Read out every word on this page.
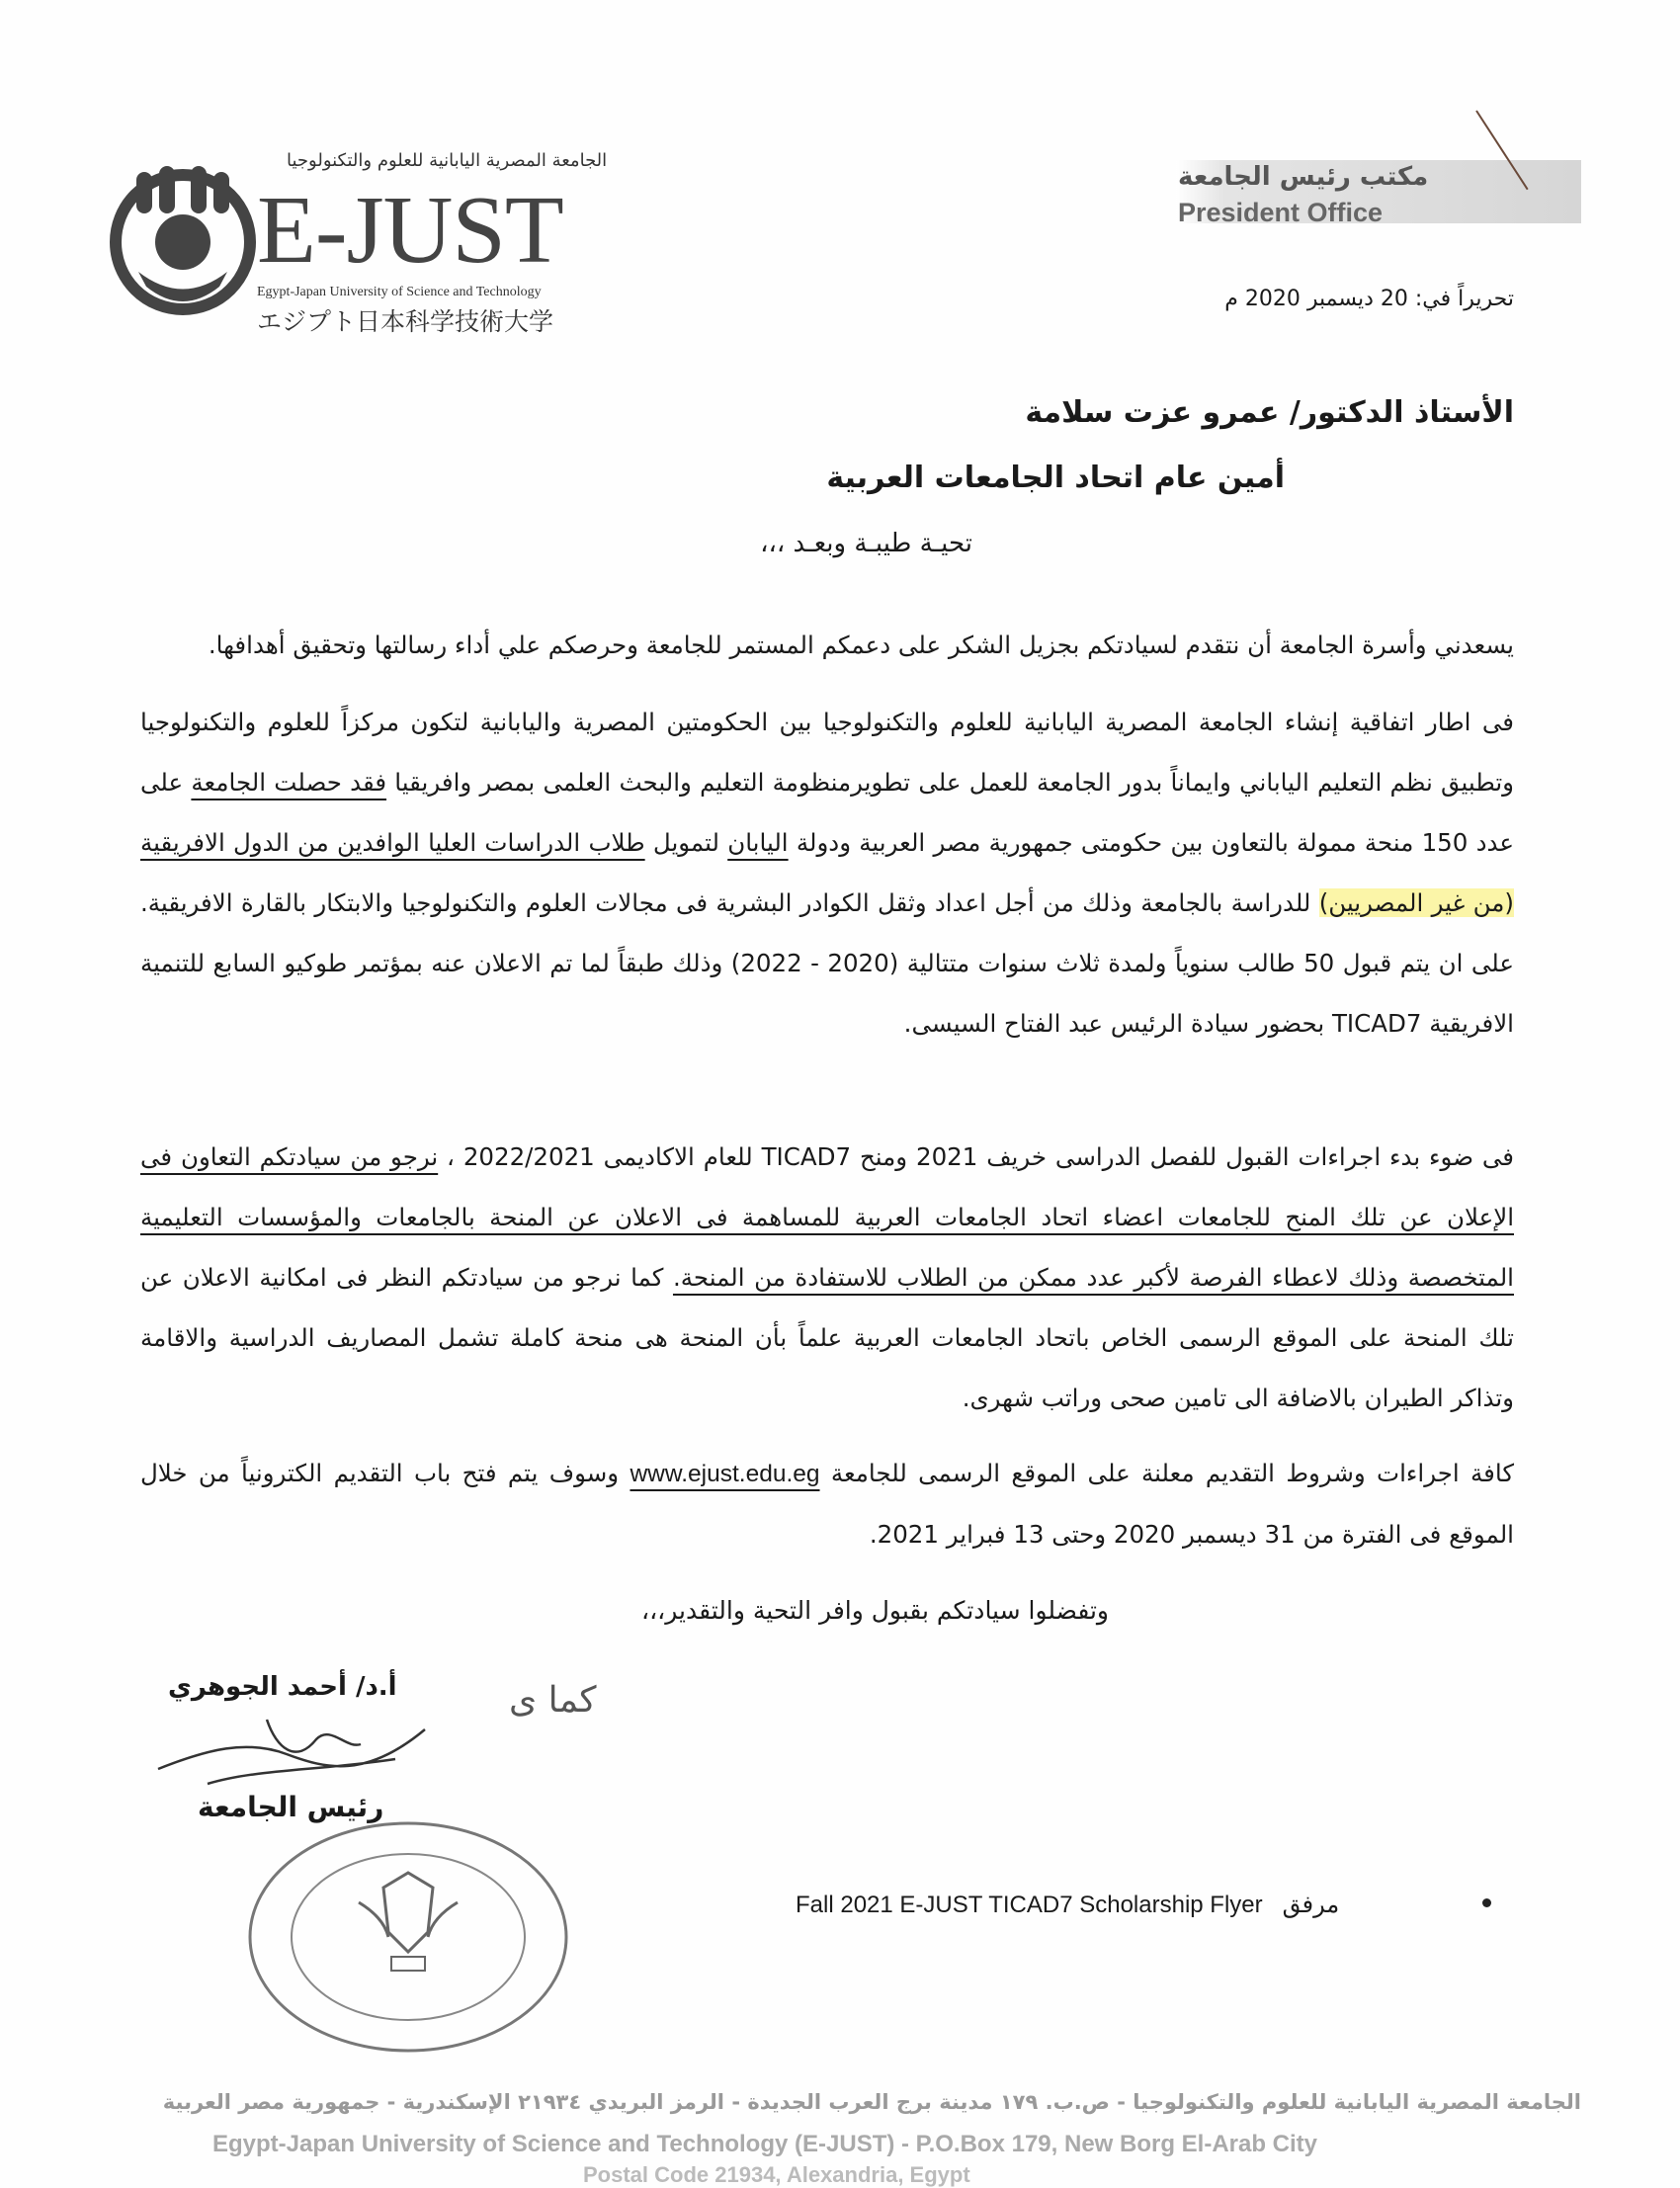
الجامعة المصرية اليابانية للعلوم والتكنولوجيا
E-JUST
Egypt-Japan University of Science and Technology
エジプト日本科学技術大学
مكتب رئيس الجامعة
President Office
تحريراً في: 20 ديسمبر 2020 م
الأستاذ الدكتور/ عمرو عزت سلامة
أمين عام اتحاد الجامعات العربية
تحيـة طيبـة وبعـد ،،،
يسعدني وأسرة الجامعة أن نتقدم لسيادتكم بجزيل الشكر على دعمكم المستمر للجامعة وحرصكم علي أداء رسالتها وتحقيق أهدافها.
فى اطار اتفاقية إنشاء الجامعة المصرية اليابانية للعلوم والتكنولوجيا بين الحكومتين المصرية واليابانية لتكون مركزاً للعلوم والتكنولوجيا وتطبيق نظم التعليم الياباني وايماناً بدور الجامعة للعمل على تطويرمنظومة التعليم والبحث العلمى بمصر وافريقيا فقد حصلت الجامعة على عدد 150 منحة ممولة بالتعاون بين حكومتى جمهورية مصر العربية ودولة اليابان لتمويل طلاب الدراسات العليا الوافدين من الدول الافريقية (من غير المصريين) للدراسة بالجامعة وذلك من أجل اعداد وثقل الكوادر البشرية فى مجالات العلوم والتكنولوجيا والابتكار بالقارة الافريقية. على ان يتم قبول 50 طالب سنوياً ولمدة ثلاث سنوات متتالية (2020 - 2022) وذلك طبقاً لما تم الاعلان عنه بمؤتمر طوكيو السابع للتنمية الافريقية TICAD7 بحضور سيادة الرئيس عبد الفتاح السيسى.
فى ضوء بدء اجراءات القبول للفصل الدراسى خريف 2021 ومنح TICAD7 للعام الاكاديمى 2022/2021 ، نرجو من سيادتكم التعاون فى الإعلان عن تلك المنح للجامعات اعضاء اتحاد الجامعات العربية للمساهمة فى الاعلان عن المنحة بالجامعات والمؤسسات التعليمية المتخصصة وذلك لاعطاء الفرصة لأكبر عدد ممكن من الطلاب للاستفادة من المنحة. كما نرجو من سيادتكم النظر فى امكانية الاعلان عن تلك المنحة على الموقع الرسمى الخاص باتحاد الجامعات العربية علماً بأن المنحة هى منحة كاملة تشمل المصاريف الدراسية والاقامة وتذاكر الطيران بالاضافة الى تامين صحى وراتب شهرى.
كافة اجراءات وشروط التقديم معلنة على الموقع الرسمى للجامعة www.ejust.edu.eg وسوف يتم فتح باب التقديم الكترونياً من خلال الموقع فى الفترة من 31 ديسمبر 2020 وحتى 13 فبراير 2021.
وتفضلوا سيادتكم بقبول وافر التحية والتقدير،،،
أ.د/ أحمد الجوهري	كما ى
رئيس الجامعة
مرفق   Fall 2021 E-JUST TICAD7 Scholarship Flyer
الجامعة المصرية اليابانية للعلوم والتكنولوجيا - ص.ب. ١٧٩ مدينة برج العرب الجديدة - الرمز البريدي ٢١٩٣٤ الإسكندرية - جمهورية مصر العربية
Egypt-Japan University of Science and Technology (E-JUST) - P.O.Box 179, New Borg El-Arab City
Postal Code 21934, Alexandria, Egypt
